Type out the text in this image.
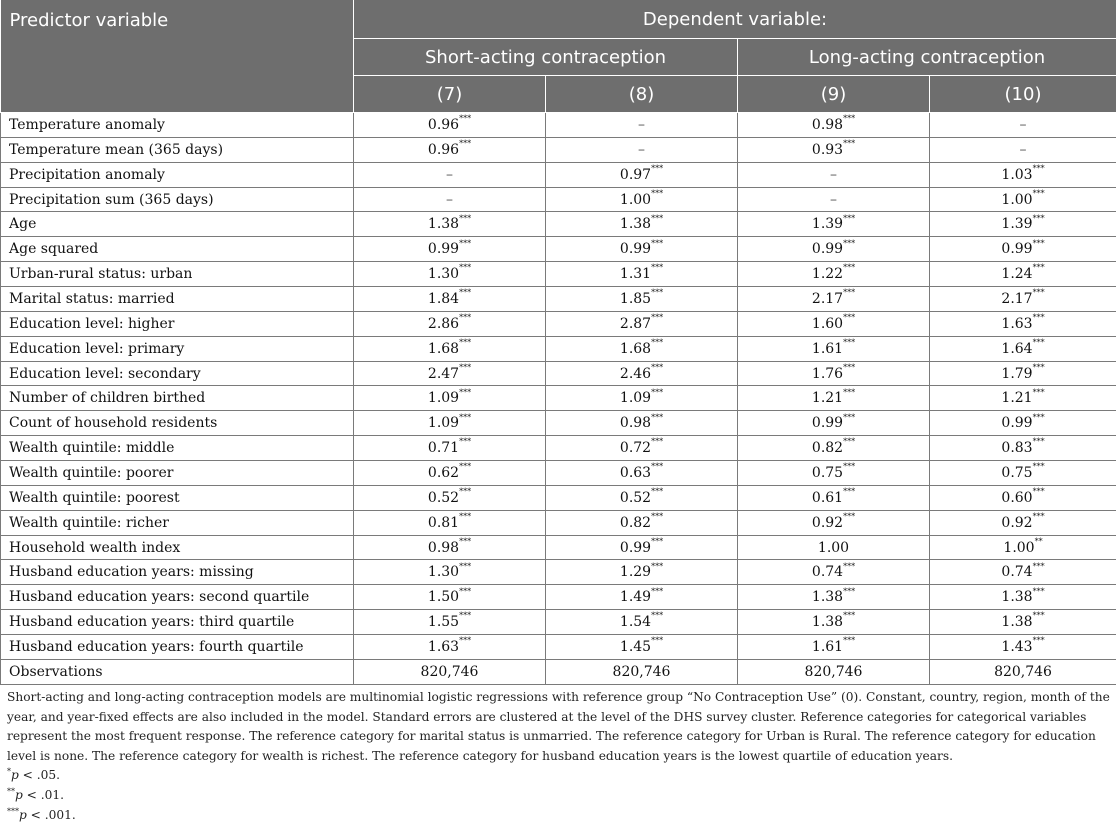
Predictor variable	Dependent variable:			
	Short-acting contraception		Long-acting contraception	
	(7)	(8)	(9)	(10)
Temperature anomaly	0.96***	–	0.98***	–
Temperature mean (365 days)	0.96***	–	0.93***	–
Precipitation anomaly	–	0.97***	–	1.03***
Precipitation sum (365 days)	–	1.00***	–	1.00***
Age	1.38***	1.38***	1.39***	1.39***
Age squared	0.99***	0.99***	0.99***	0.99***
Urban-rural status: urban	1.30***	1.31***	1.22***	1.24***
Marital status: married	1.84***	1.85***	2.17***	2.17***
Education level: higher	2.86***	2.87***	1.60***	1.63***
Education level: primary	1.68***	1.68***	1.61***	1.64***
Education level: secondary	2.47***	2.46***	1.76***	1.79***
Number of children birthed	1.09***	1.09***	1.21***	1.21***
Count of household residents	1.09***	0.98***	0.99***	0.99***
Wealth quintile: middle	0.71***	0.72***	0.82***	0.83***
Wealth quintile: poorer	0.62***	0.63***	0.75***	0.75***
Wealth quintile: poorest	0.52***	0.52***	0.61***	0.60***
Wealth quintile: richer	0.81***	0.82***	0.92***	0.92***
Household wealth index	0.98***	0.99***	1.00	1.00**
Husband education years: missing	1.30***	1.29***	0.74***	0.74***
Husband education years: second quartile	1.50***	1.49***	1.38***	1.38***
Husband education years: third quartile	1.55***	1.54***	1.38***	1.38***
Husband education years: fourth quartile	1.63***	1.45***	1.61***	1.43***
Observations	820,746	820,746	820,746	820,746

Short-acting and long-acting contraception models are multinomial logistic regressions with reference group “No Contraception Use” (0). Constant, country, region, month of the year, and year-fixed effects are also included in the model. Standard errors are clustered at the level of the DHS survey cluster. Reference categories for categorical variables represent the most frequent response. The reference category for marital status is unmarried. The reference category for Urban is Rural. The reference category for education level is none. The reference category for wealth is richest. The reference category for husband education years is the lowest quartile of education years.

*p < .05.

**p < .01.

***p < .001.
